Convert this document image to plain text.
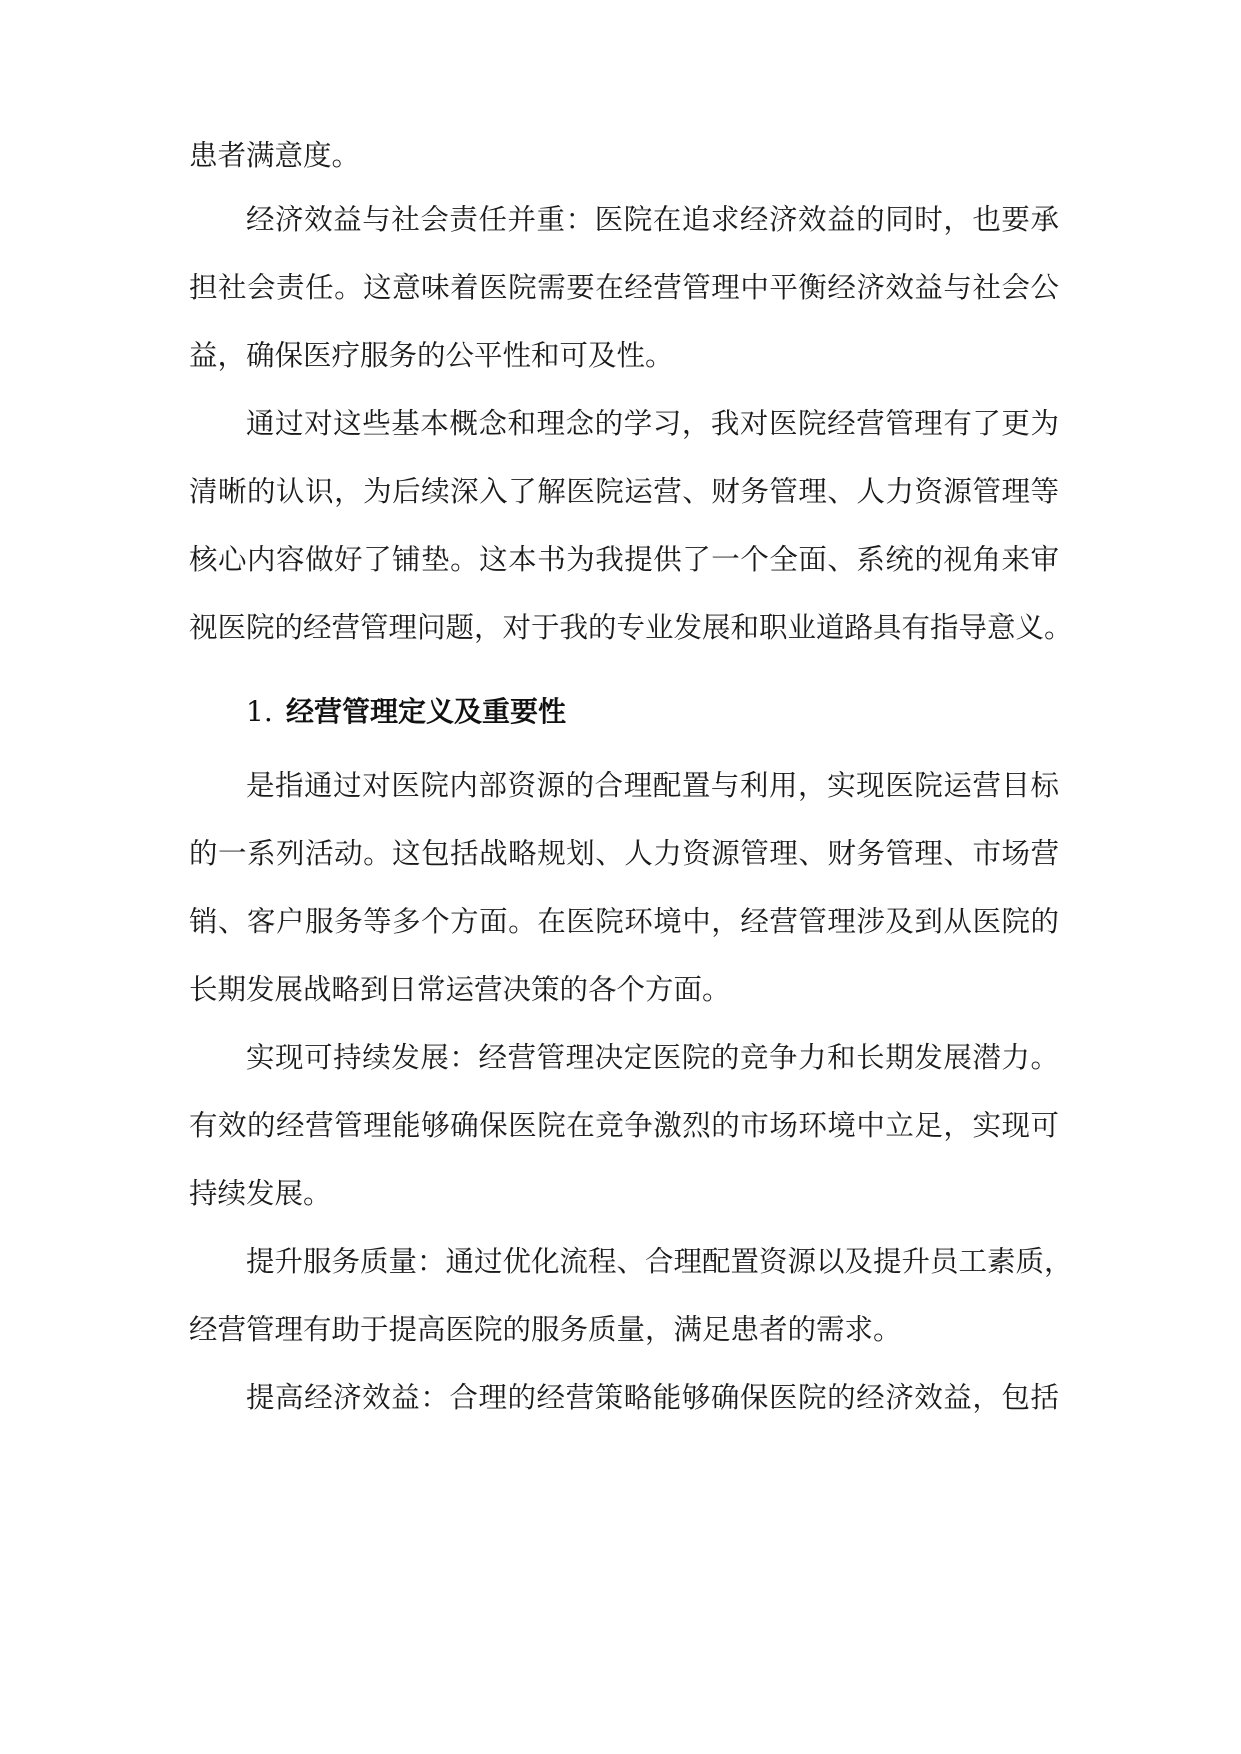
患者满意度。

经济效益与社会责任并重：医院在追求经济效益的同时，也要承

担社会责任。这意味着医院需要在经营管理中平衡经济效益与社会公

益，确保医疗服务的公平性和可及性。

通过对这些基本概念和理念的学习，我对医院经营管理有了更为

清晰的认识，为后续深入了解医院运营、财务管理、人力资源管理等

核心内容做好了铺垫。这本书为我提供了一个全面、系统的视角来审

视医院的经营管理问题，对于我的专业发展和职业道路具有指导意义。

1. 经营管理定义及重要性

是指通过对医院内部资源的合理配置与利用，实现医院运营目标

的一系列活动。这包括战略规划、人力资源管理、财务管理、市场营

销、客户服务等多个方面。在医院环境中，经营管理涉及到从医院的

长期发展战略到日常运营决策的各个方面。

实现可持续发展：经营管理决定医院的竞争力和长期发展潜力。

有效的经营管理能够确保医院在竞争激烈的市场环境中立足，实现可

持续发展。

提升服务质量：通过优化流程、合理配置资源以及提升员工素质，

经营管理有助于提高医院的服务质量，满足患者的需求。

提高经济效益：合理的经营策略能够确保医院的经济效益，包括
